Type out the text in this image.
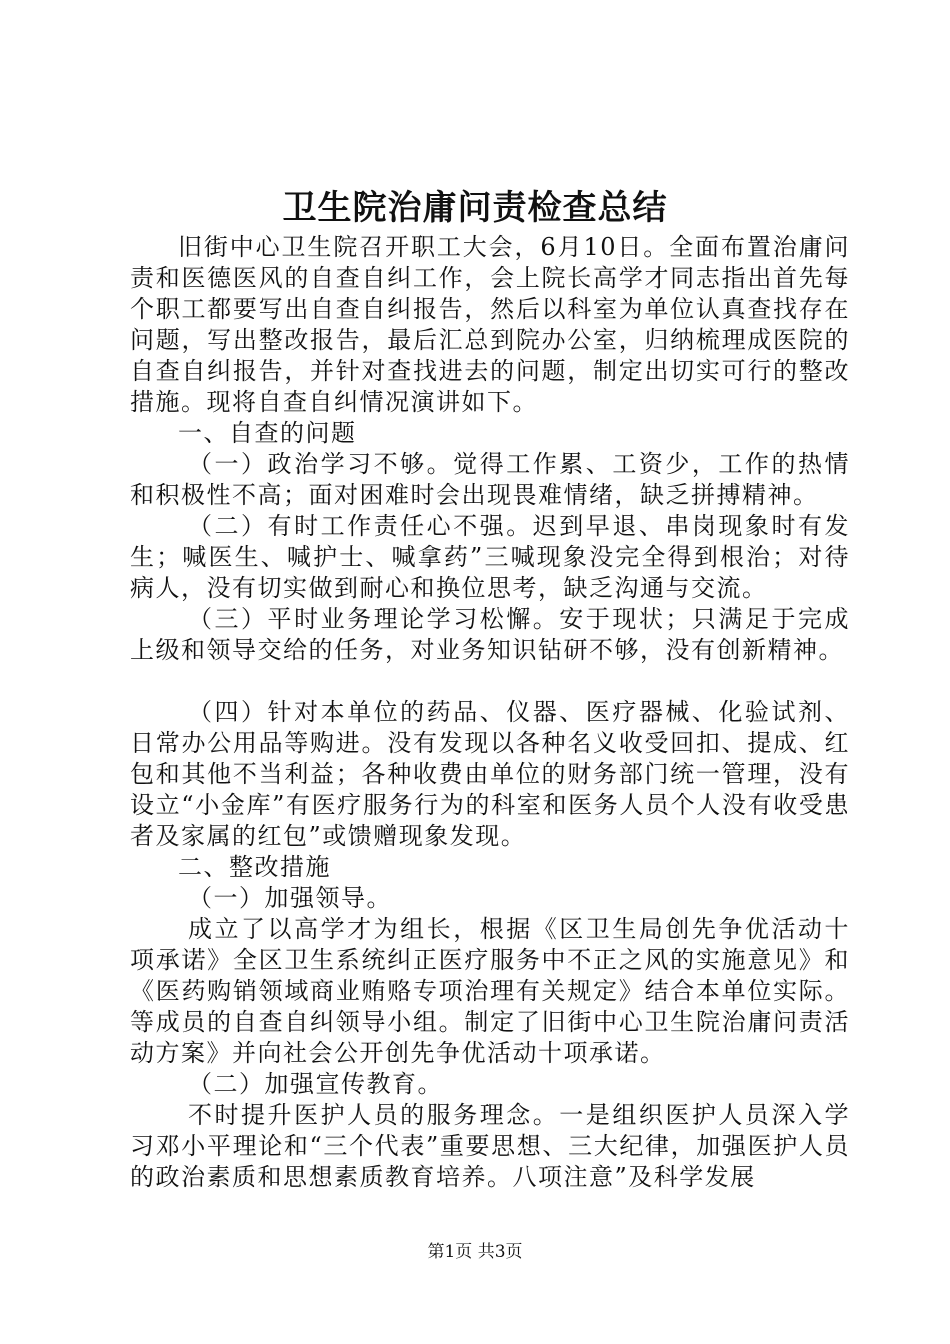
卫生院治庸问责检查总结

旧街中心卫生院召开职工大会，6月10日。全面布置治庸问责和医德医风的自查自纠工作，会上院长高学才同志指出首先每个职工都要写出自查自纠报告，然后以科室为单位认真查找存在问题，写出整改报告，最后汇总到院办公室，归纳梳理成医院的自查自纠报告，并针对查找进去的问题，制定出切实可行的整改措施。现将自查自纠情况演讲如下。

一、自查的问题

（一）政治学习不够。觉得工作累、工资少，工作的热情和积极性不高；面对困难时会出现畏难情绪，缺乏拼搏精神。

（二）有时工作责任心不强。迟到早退、串岗现象时有发生；喊医生、喊护士、喊拿药”三喊现象没完全得到根治；对待病人，没有切实做到耐心和换位思考，缺乏沟通与交流。

（三）平时业务理论学习松懈。安于现状；只满足于完成上级和领导交给的任务，对业务知识钻研不够，没有创新精神。

（四）针对本单位的药品、仪器、医疗器械、化验试剂、日常办公用品等购进。没有发现以各种名义收受回扣、提成、红包和其他不当利益；各种收费由单位的财务部门统一管理，没有设立“小金库”有医疗服务行为的科室和医务人员个人没有收受患者及家属的红包”或馈赠现象发现。

二、整改措施

（一）加强领导。

成立了以高学才为组长，根据《区卫生局创先争优活动十项承诺》全区卫生系统纠正医疗服务中不正之风的实施意见》和《医药购销领域商业贿赂专项治理有关规定》结合本单位实际。等成员的自查自纠领导小组。制定了旧街中心卫生院治庸问责活动方案》并向社会公开创先争优活动十项承诺。

（二）加强宣传教育。

不时提升医护人员的服务理念。一是组织医护人员深入学习邓小平理论和“三个代表”重要思想、三大纪律，加强医护人员的政治素质和思想素质教育培养。八项注意”及科学发展

第1页 共3页
